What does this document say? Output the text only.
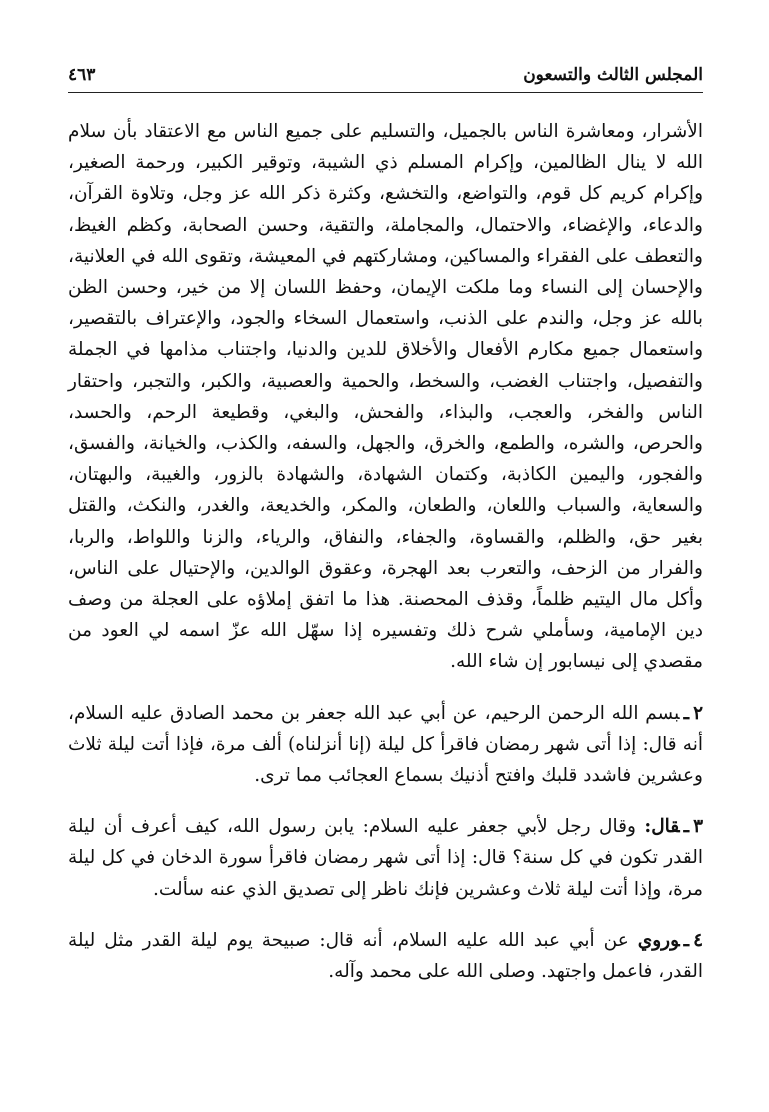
المجلس الثالث والتسعون
٤٦٣

الأشرار، ومعاشرة الناس بالجميل، والتسليم على جميع الناس مع الاعتقاد بأن سلام الله لا ينال الظالمين، وإكرام المسلم ذي الشيبة، وتوقير الكبير، ورحمة الصغير، وإكرام كريم كل قوم، والتواضع، والتخشع، وكثرة ذكر الله عز وجل، وتلاوة القرآن، والدعاء، والإغضاء، والاحتمال، والمجاملة، والتقية، وحسن الصحابة، وكظم الغيظ، والتعطف على الفقراء والمساكين، ومشاركتهم في المعيشة، وتقوى الله في العلانية، والإحسان إلى النساء وما ملكت الإيمان، وحفظ اللسان إلا من خير، وحسن الظن بالله عز وجل، والندم على الذنب، واستعمال السخاء والجود، والإعتراف بالتقصير، واستعمال جميع مكارم الأفعال والأخلاق للدين والدنيا، واجتناب مذامها في الجملة والتفصيل، واجتناب الغضب، والسخط، والحمية والعصبية، والكبر، والتجبر، واحتقار الناس والفخر، والعجب، والبذاء، والفحش، والبغي، وقطيعة الرحم، والحسد، والحرص، والشره، والطمع، والخرق، والجهل، والسفه، والكذب، والخيانة، والفسق، والفجور، واليمين الكاذبة، وكتمان الشهادة، والشهادة بالزور، والغيبة، والبهتان، والسعاية، والسباب واللعان، والطعان، والمكر، والخديعة، والغدر، والنكث، والقتل بغير حق، والظلم، والقساوة، والجفاء، والنفاق، والرياء، والزنا واللواط، والربا، والفرار من الزحف، والتعرب بعد الهجرة، وعقوق الوالدين، والإحتيال على الناس، وأكل مال اليتيم ظلماً، وقذف المحصنة. هذا ما اتفق إملاؤه على العجلة من وصف دين الإمامية، وسأملي شرح ذلك وتفسيره إذا سهّل الله عزّ اسمه لي العود من مقصدي إلى نيسابور إن شاء الله.

٢ـبسم الله الرحمن الرحيم، عن أبي عبد الله جعفر بن محمد الصادق عليه السلام، أنه قال: إذا أتى شهر رمضان فاقرأ كل ليلة (إنا أنزلناه) ألف مرة، فإذا أتت ليلة ثلاث وعشرين فاشدد قلبك وافتح أذنيك بسماع العجائب مما ترى.

٣ـقال: وقال رجل لأبي جعفر عليه السلام: يابن رسول الله، كيف أعرف أن ليلة القدر تكون في كل سنة؟ قال: إذا أتى شهر رمضان فاقرأ سورة الدخان في كل ليلة مرة، وإذا أتت ليلة ثلاث وعشرين فإنك ناظر إلى تصديق الذي عنه سألت.

٤ـوروي عن أبي عبد الله عليه السلام، أنه قال: صبيحة يوم ليلة القدر مثل ليلة القدر، فاعمل واجتهد. وصلى الله على محمد وآله.
